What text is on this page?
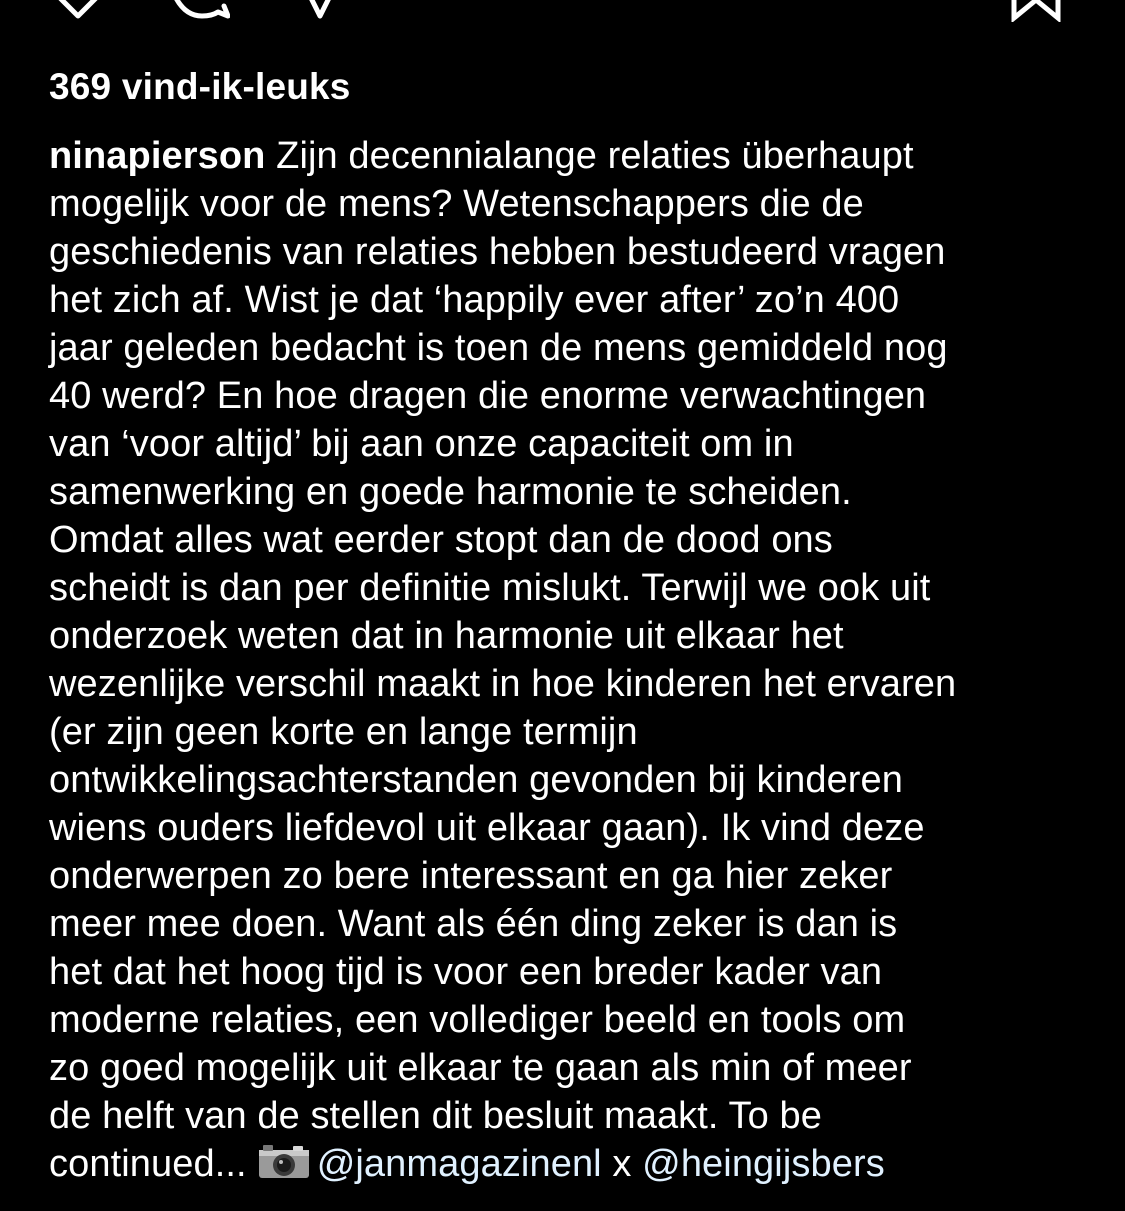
369 vind-ik-leuks
ninapierson Zijn decennialange relaties überhaupt
mogelijk voor de mens? Wetenschappers die de
geschiedenis van relaties hebben bestudeerd vragen
het zich af. Wist je dat ‘happily ever after’ zo’n 400
jaar geleden bedacht is toen de mens gemiddeld nog
40 werd? En hoe dragen die enorme verwachtingen
van ‘voor altijd’ bij aan onze capaciteit om in
samenwerking en goede harmonie te scheiden.
Omdat alles wat eerder stopt dan de dood ons
scheidt is dan per definitie mislukt. Terwijl we ook uit
onderzoek weten dat in harmonie uit elkaar het
wezenlijke verschil maakt in hoe kinderen het ervaren
(er zijn geen korte en lange termijn
ontwikkelingsachterstanden gevonden bij kinderen
wiens ouders liefdevol uit elkaar gaan). Ik vind deze
onderwerpen zo bere interessant en ga hier zeker
meer mee doen. Want als één ding zeker is dan is
het dat het hoog tijd is voor een breder kader van
moderne relaties, een vollediger beeld en tools om
zo goed mogelijk uit elkaar te gaan als min of meer
de helft van de stellen dit besluit maakt. To be
continued... @janmagazinenl x @heingijsbers
